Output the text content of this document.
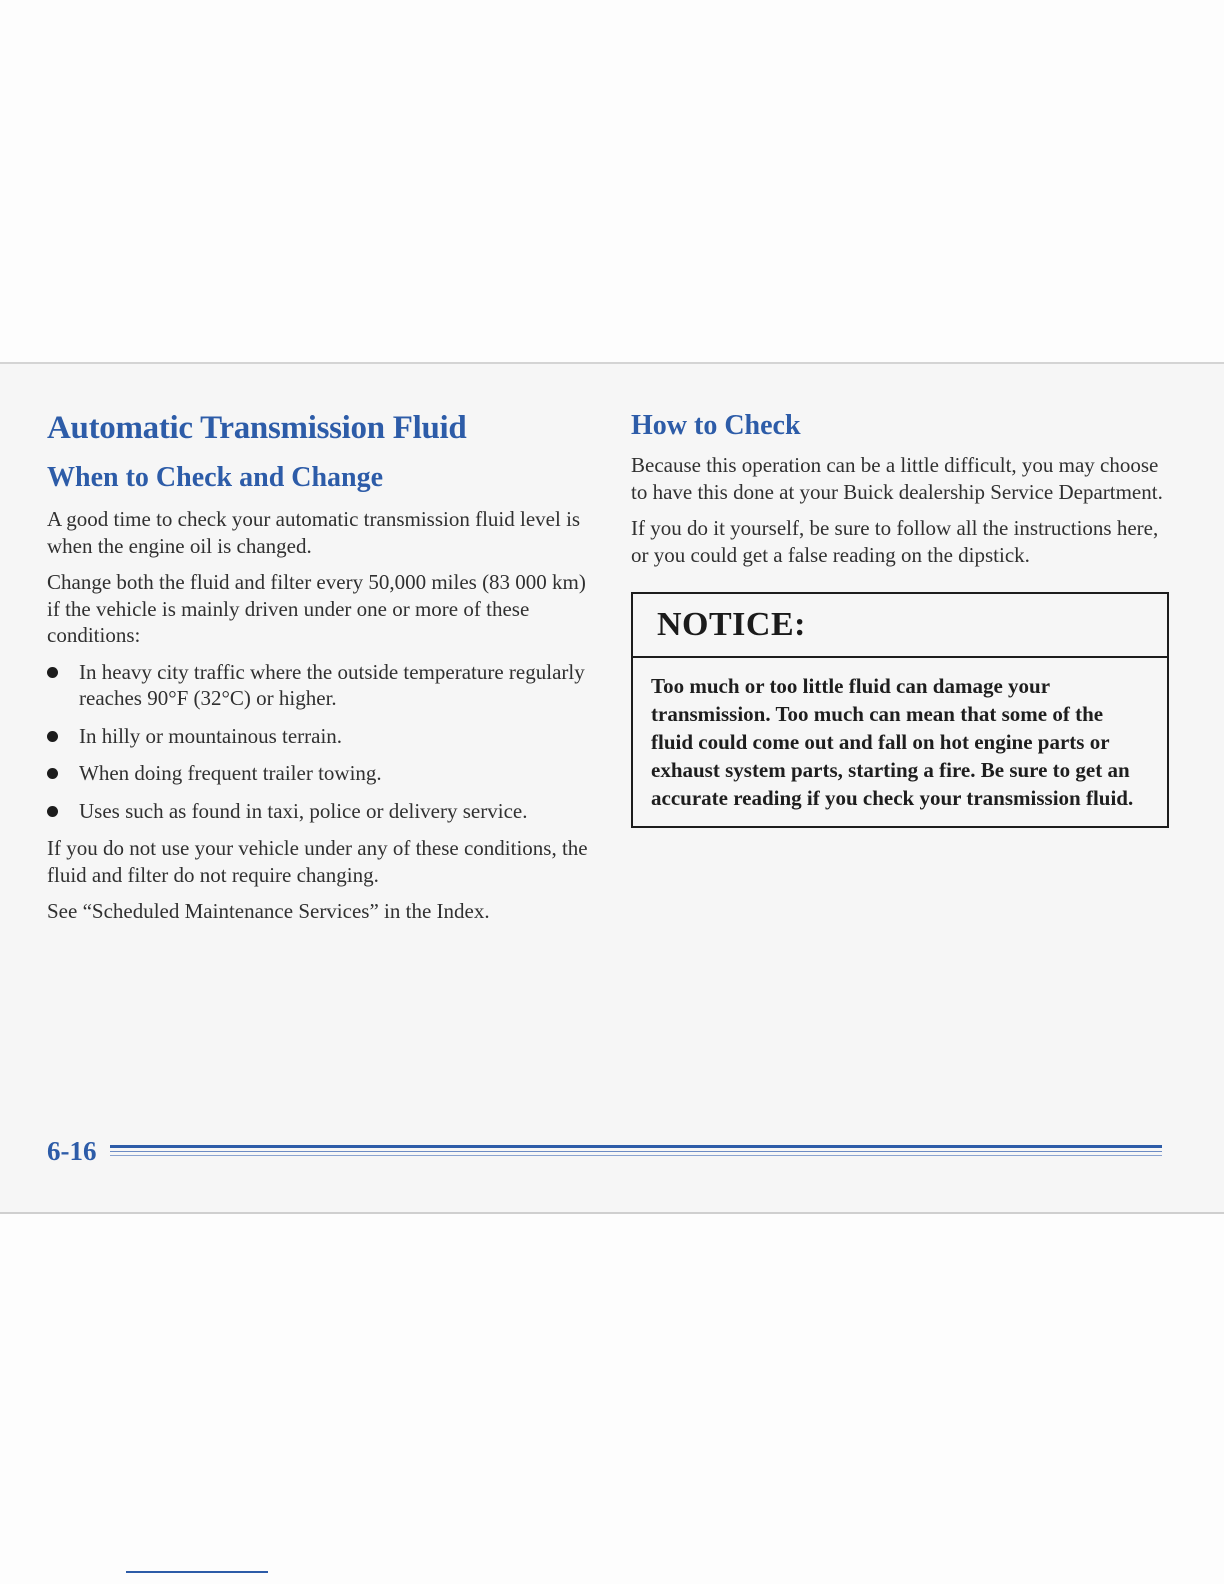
Automatic Transmission Fluid
When to Check and Change

A good time to check your automatic transmission fluid level is when the engine oil is changed.

Change both the fluid and filter every 50,000 miles (83 000 km) if the vehicle is mainly driven under one or more of these conditions:

In heavy city traffic where the outside temperature regularly reaches 90°F (32°C) or higher.
In hilly or mountainous terrain.
When doing frequent trailer towing.
Uses such as found in taxi, police or delivery service.

If you do not use your vehicle under any of these conditions, the fluid and filter do not require changing.

See “Scheduled Maintenance Services” in the Index.

How to Check

Because this operation can be a little difficult, you may choose to have this done at your Buick dealership Service Department.

If you do it yourself, be sure to follow all the instructions here, or you could get a false reading on the dipstick.

NOTICE:
Too much or too little fluid can damage your transmission. Too much can mean that some of the fluid could come out and fall on hot engine parts or exhaust system parts, starting a fire. Be sure to get an accurate reading if you check your transmission fluid.
6-16
